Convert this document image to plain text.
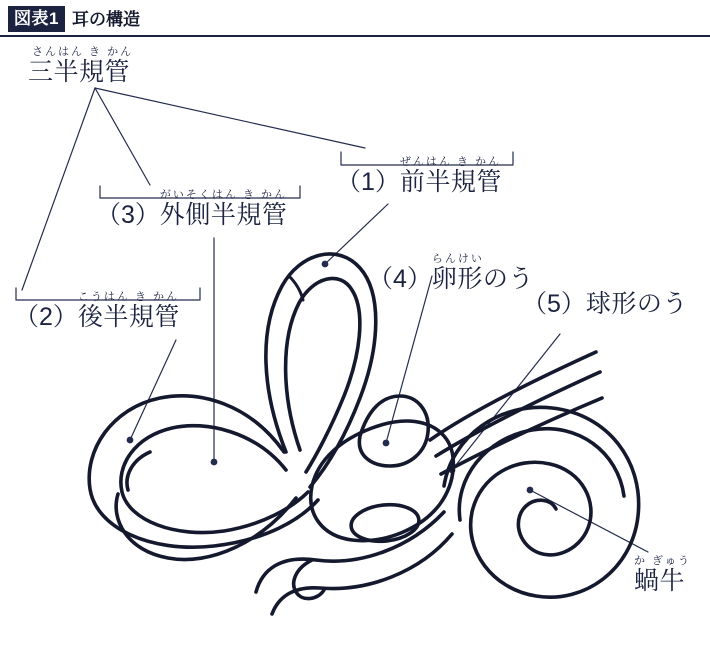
図表1 耳の構造
さんはん き かん
三半規管
（1）
ぜんはん き かん
前半規管
（3）
がいそくはん き かん
外側半規管
（2）
こうはん き かん
後半規管
（4）
らんけい
卵形のう
（5） 球形のう
か ぎゅう
蝸牛
